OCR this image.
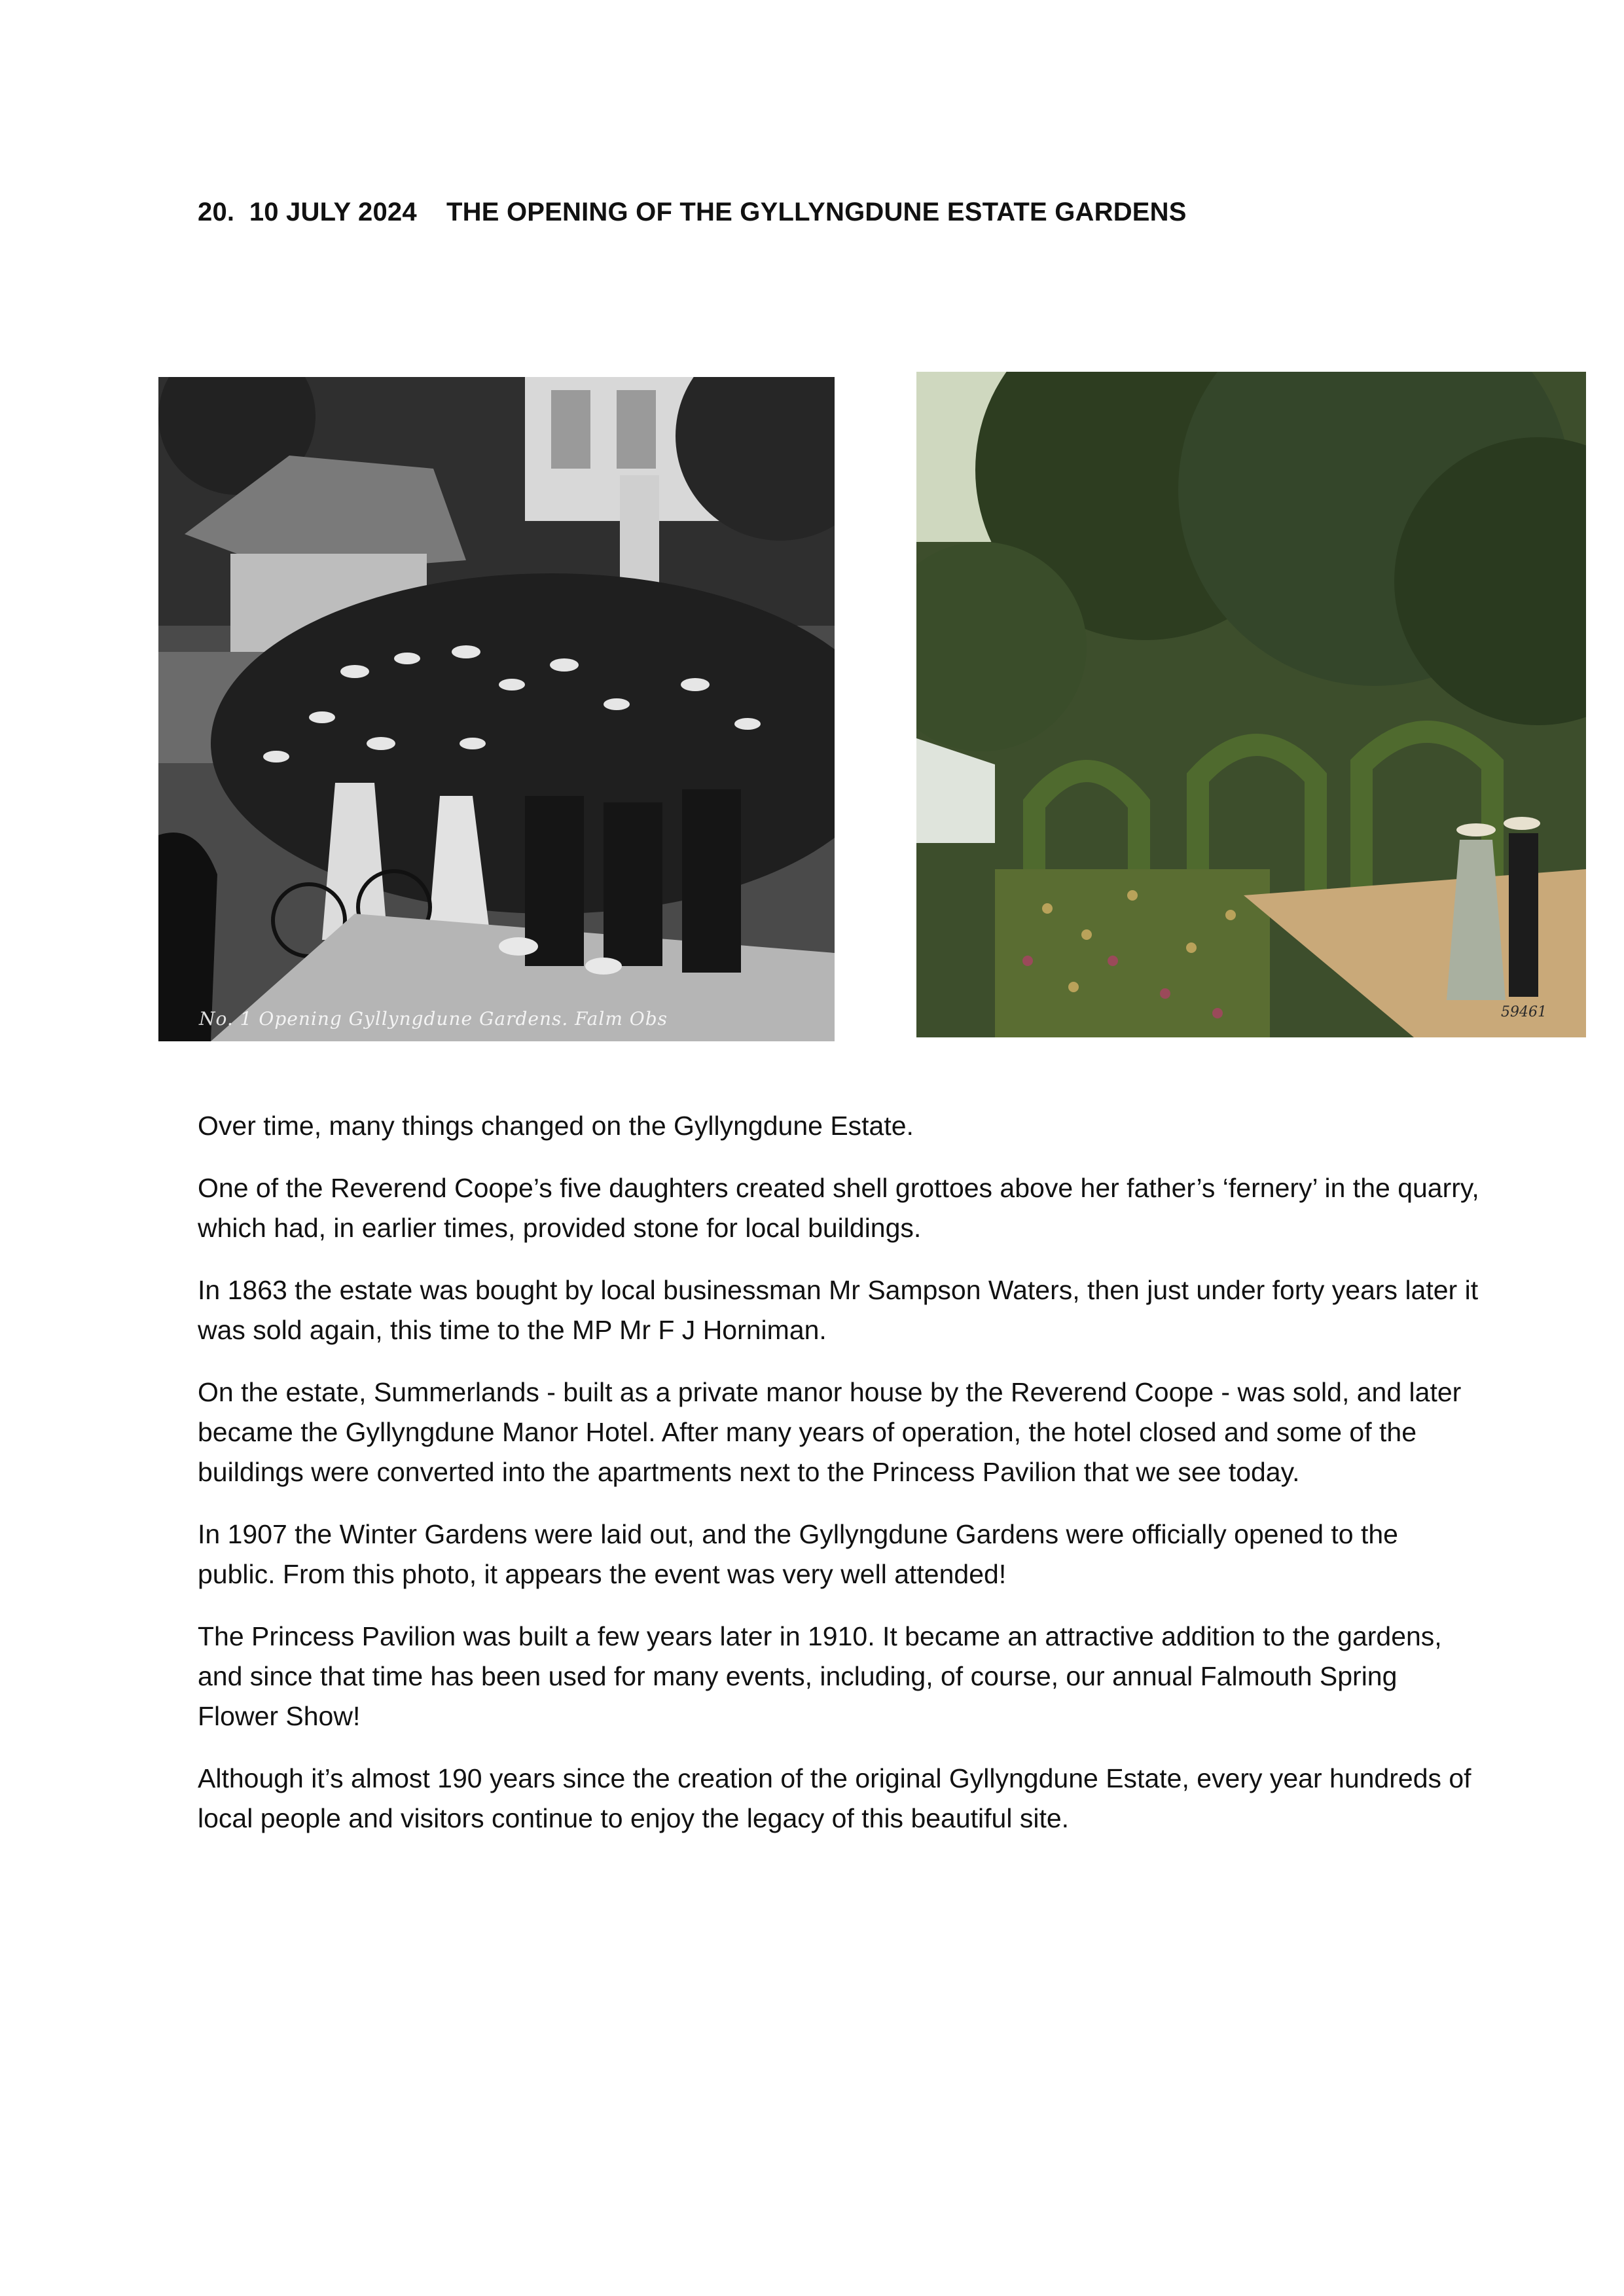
20.  10 JULY 2024    THE OPENING OF THE GYLLYNGDUNE ESTATE GARDENS
No. 1 Opening Gyllyngdune Gardens. Falm Obs	59461

Over time, many things changed on the Gyllyngdune Estate.

One of the Reverend Coope’s five daughters created shell grottoes above her father’s ‘fernery’ in the quarry, which had, in earlier times, provided stone for local buildings.

In 1863 the estate was bought by local businessman Mr Sampson Waters, then just under forty years later it was sold again, this time to the MP Mr F J Horniman.

On the estate, Summerlands - built as a private manor house by the Reverend Coope - was sold, and later became the Gyllyngdune Manor Hotel. After many years of operation, the hotel closed and some of the buildings were converted into the apartments next to the Princess Pavilion that we see today.

In 1907 the Winter Gardens were laid out, and the Gyllyngdune Gardens were officially opened to the public. From this photo, it appears the event was very well attended!

The Princess Pavilion was built a few years later in 1910. It became an attractive addition to the gardens, and since that time has been used for many events, including, of course, our annual Falmouth Spring Flower Show!

Although it’s almost 190 years since the creation of the original Gyllyngdune Estate, every year hundreds of local people and visitors continue to enjoy the legacy of this beautiful site.
